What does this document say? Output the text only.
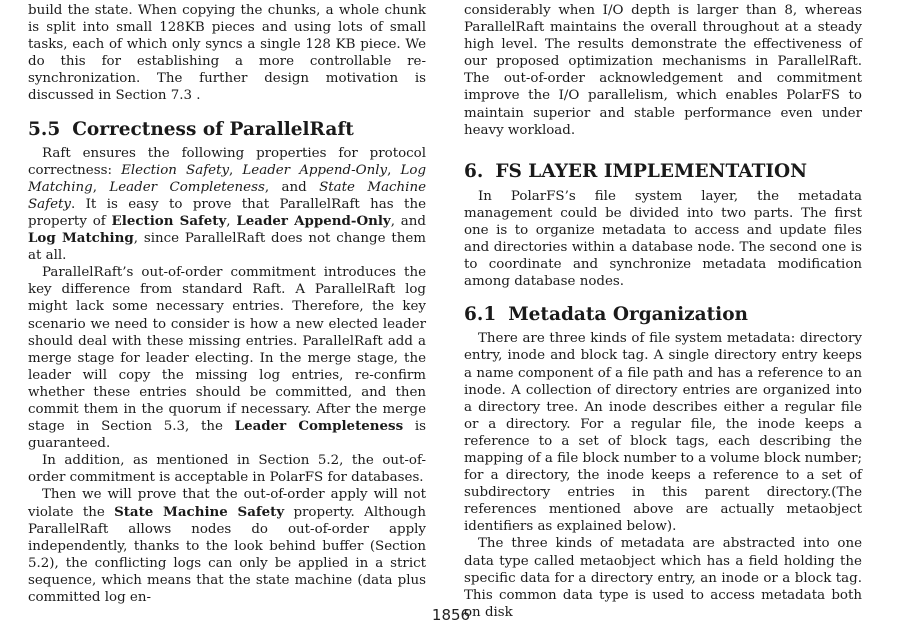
build the state. When copying the chunks, a whole chunk is split into small 128KB pieces and using lots of small tasks, each of which only syncs a single 128 KB piece. We do this for establishing a more controllable re-synchronization. The further design motivation is discussed in Section 7.3 .

5.5 Correctness of ParallelRaft

Raft ensures the following properties for protocol correctness: Election Safety, Leader Append-Only, Log Matching, Leader Completeness, and State Machine Safety. It is easy to prove that ParallelRaft has the property of Election Safety, Leader Append-Only, and Log Matching, since ParallelRaft does not change them at all.

ParallelRaft’s out-of-order commitment introduces the key difference from standard Raft. A ParallelRaft log might lack some necessary entries. Therefore, the key scenario we need to consider is how a new elected leader should deal with these missing entries. ParallelRaft add a merge stage for leader electing. In the merge stage, the leader will copy the missing log entries, re-confirm whether these entries should be committed, and then commit them in the quorum if necessary. After the merge stage in Section 5.3, the Leader Completeness is guaranteed.

In addition, as mentioned in Section 5.2, the out-of-order commitment is acceptable in PolarFS for databases.

Then we will prove that the out-of-order apply will not violate the State Machine Safety property. Although ParallelRaft allows nodes do out-of-order apply independently, thanks to the look behind buffer (Section 5.2), the conflicting logs can only be applied in a strict sequence, which means that the state machine (data plus committed log en-

considerably when I/O depth is larger than 8, whereas ParallelRaft maintains the overall throughout at a steady high level. The results demonstrate the effectiveness of our proposed optimization mechanisms in ParallelRaft. The out-of-order acknowledgement and commitment improve the I/O parallelism, which enables PolarFS to maintain superior and stable performance even under heavy workload.

6. FS LAYER IMPLEMENTATION

In PolarFS’s file system layer, the metadata management could be divided into two parts. The first one is to organize metadata to access and update files and directories within a database node. The second one is to coordinate and synchronize metadata modification among database nodes.

6.1 Metadata Organization

There are three kinds of file system metadata: directory entry, inode and block tag. A single directory entry keeps a name component of a file path and has a reference to an inode. A collection of directory entries are organized into a directory tree. An inode describes either a regular file or a directory. For a regular file, the inode keeps a reference to a set of block tags, each describing the mapping of a file block number to a volume block number; for a directory, the inode keeps a reference to a set of subdirectory entries in this parent directory.(The references mentioned above are actually metaobject identifiers as explained below).

The three kinds of metadata are abstracted into one data type called metaobject which has a field holding the specific data for a directory entry, an inode or a block tag. This common data type is used to access metadata both on disk

1856
